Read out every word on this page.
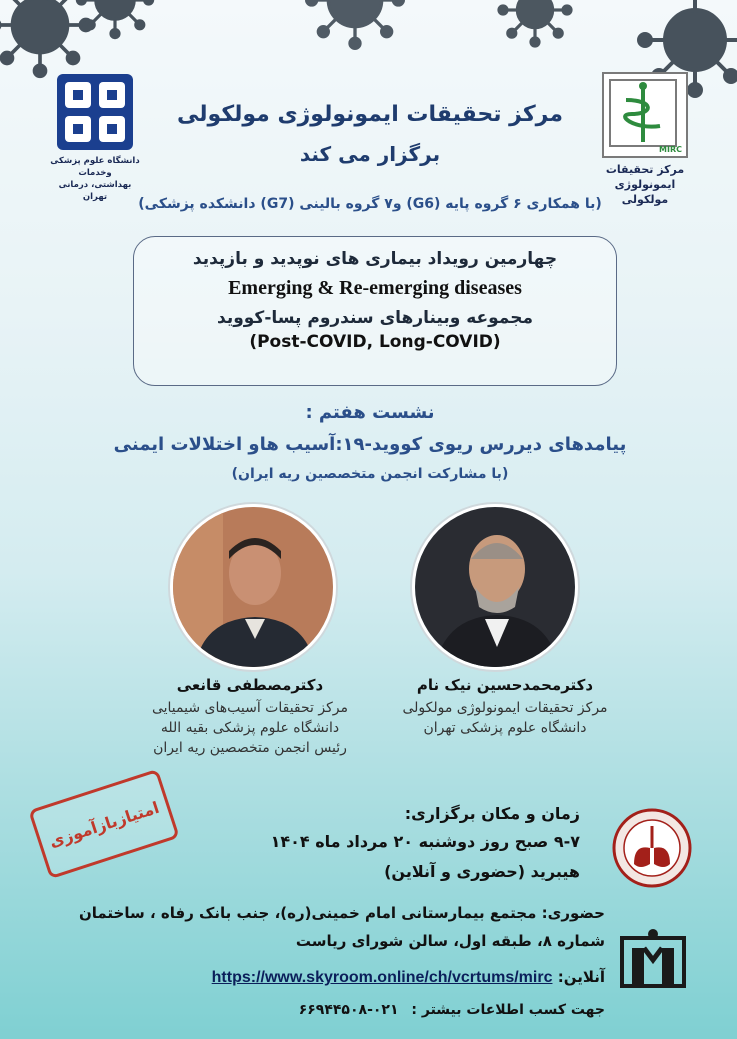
دانشگاه علوم پزشکی وخدمات
بهداشتی، درمانی تهران
MIRC
مرکز تحقیقات
ایمونولوژی مولکولی
مرکز تحقیقات ایمونولوژی مولکولی
برگزار می کند
(با همکاری ۶ گروه پایه (G6) و۷ گروه بالینی (G7) دانشکده پزشکی)
چهارمین رویداد بیماری های نوپدید و بازپدید
Emerging & Re-emerging diseases
مجموعه وبینارهای سندروم پسا-کووید
(Post-COVID, Long-COVID)
نشست هفتم :
پیامدهای دیررس ریوی کووید-۱۹:آسیب هاو اختلالات ایمنی
(با مشارکت انجمن متخصصین ریه ایران)
دکترمحمدحسین نیک نام
مرکز تحقیقات ایمونولوژی مولکولی
دانشگاه علوم پزشکی تهران
دکترمصطفی قانعی
مرکز تحقیقات آسیب‌های شیمیایی
دانشگاه علوم پزشکی بقیه الله
رئیس انجمن متخصصین ریه ایران
امتیازبازآموزی	زمان و مکان برگزاری:
۹-۷ صبح روز دوشنبه ۲۰ مرداد ماه ۱۴۰۴
هیبرید (حضوری و آنلاین)
حضوری: مجتمع بیمارستانی امام خمینی(ره)، جنب بانک رفاه ، ساختمان
شماره ۸، طبقه اول، سالن شورای ریاست
آنلاین: https://www.skyroom.online/ch/vcrtums/mirc
جهت کسب اطلاعات بیشتر : ۰۲۱-۶۶۹۴۴۵۰۸
